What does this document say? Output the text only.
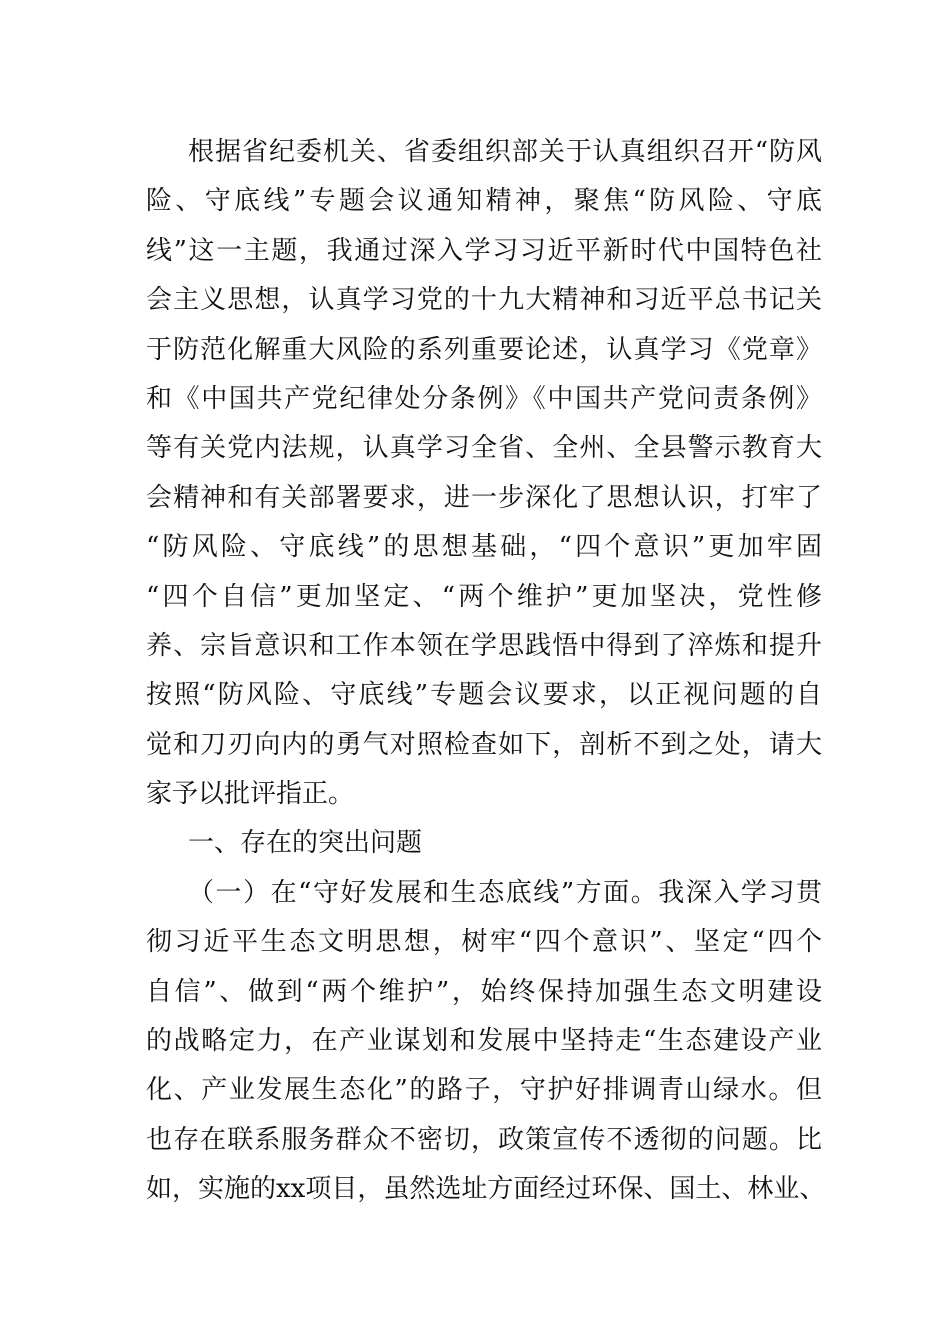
根据省纪委机关、省委组织部关于认真组织召开“防风
险、守底线”专题会议通知精神，聚焦“防风险、守底
线”这一主题，我通过深入学习习近平新时代中国特色社
会主义思想，认真学习党的十九大精神和习近平总书记关
于防范化解重大风险的系列重要论述，认真学习《党章》
和《中国共产党纪律处分条例》《中国共产党问责条例》
等有关党内法规，认真学习全省、全州、全县警示教育大
会精神和有关部署要求，进一步深化了思想认识，打牢了
“防风险、守底线”的思想基础，“四个意识”更加牢固
“四个自信”更加坚定、“两个维护”更加坚决，党性修
养、宗旨意识和工作本领在学思践悟中得到了淬炼和提升
按照“防风险、守底线”专题会议要求，以正视问题的自
觉和刀刃向内的勇气对照检查如下，剖析不到之处，请大
家予以批评指正。
一、存在的突出问题
（一）在“守好发展和生态底线”方面。我深入学习贯
彻习近平生态文明思想，树牢“四个意识”、坚定“四个
自信”、做到“两个维护”，始终保持加强生态文明建设
的战略定力，在产业谋划和发展中坚持走“生态建设产业
化、产业发展生态化”的路子，守护好排调青山绿水。但
也存在联系服务群众不密切，政策宣传不透彻的问题。比
如，实施的xx项目，虽然选址方面经过环保、国土、林业、
